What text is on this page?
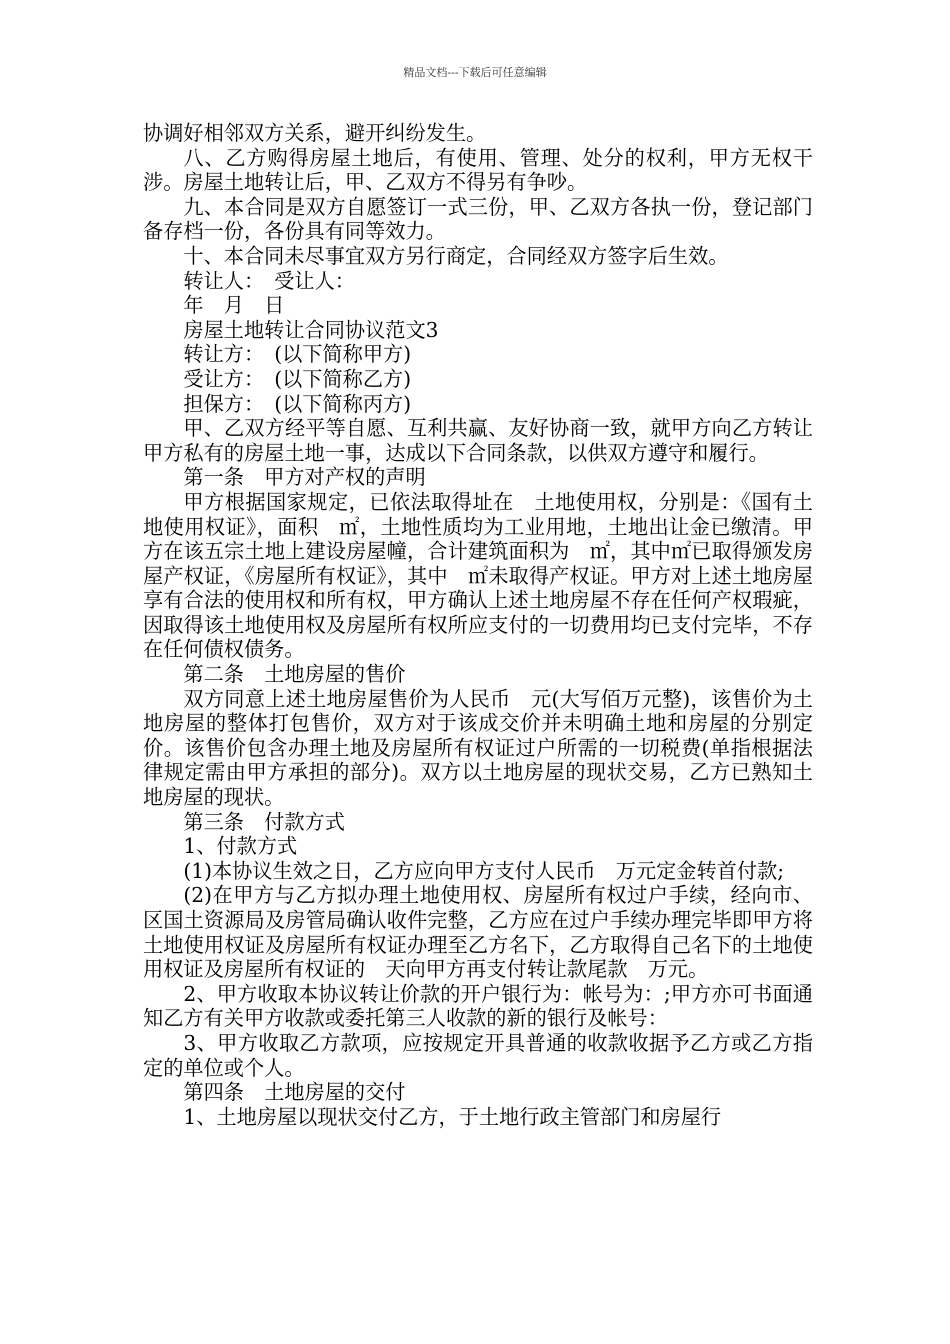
精品文档---下载后可任意编辑

协调好相邻双方关系，避开纠纷发生。

八、乙方购得房屋土地后，有使用、管理、处分的权利，甲方无权干涉。房屋土地转让后，甲、乙双方不得另有争吵。

九、本合同是双方自愿签订一式三份，甲、乙双方各执一份，登记部门备存档一份，各份具有同等效力。

十、本合同未尽事宜双方另行商定，合同经双方签字后生效。

转让人：　受让人：

年　月　日

房屋土地转让合同协议范文3

转让方：　(以下简称甲方)

受让方：　(以下简称乙方)

担保方：　(以下简称丙方)

甲、乙双方经平等自愿、互利共赢、友好协商一致，就甲方向乙方转让甲方私有的房屋土地一事，达成以下合同条款，以供双方遵守和履行。

第一条　甲方对产权的声明

甲方根据国家规定，已依法取得址在　土地使用权，分别是：《国有土地使用权证》，面积　㎡，土地性质均为工业用地，土地出让金已缴清。甲方在该五宗土地上建设房屋幢，合计建筑面积为　㎡，其中㎡已取得颁发房屋产权证，《房屋所有权证》，其中　㎡未取得产权证。甲方对上述土地房屋享有合法的使用权和所有权，甲方确认上述土地房屋不存在任何产权瑕疵，因取得该土地使用权及房屋所有权所应支付的一切费用均已支付完毕，不存在任何债权债务。

第二条　土地房屋的售价

双方同意上述土地房屋售价为人民币　元(大写佰万元整)，该售价为土地房屋的整体打包售价，双方对于该成交价并未明确土地和房屋的分别定价。该售价包含办理土地及房屋所有权证过户所需的一切税费(单指根据法律规定需由甲方承担的部分)。双方以土地房屋的现状交易，乙方已熟知土地房屋的现状。

第三条　付款方式

1、付款方式

(1)本协议生效之日，乙方应向甲方支付人民币　万元定金转首付款;

(2)在甲方与乙方拟办理土地使用权、房屋所有权过户手续，经向市、区国土资源局及房管局确认收件完整，乙方应在过户手续办理完毕即甲方将土地使用权证及房屋所有权证办理至乙方名下，乙方取得自己名下的土地使用权证及房屋所有权证的　天向甲方再支付转让款尾款　万元。

2、甲方收取本协议转让价款的开户银行为：帐号为：;甲方亦可书面通知乙方有关甲方收款或委托第三人收款的新的银行及帐号：

3、甲方收取乙方款项，应按规定开具普通的收款收据予乙方或乙方指定的单位或个人。

第四条　土地房屋的交付

1、土地房屋以现状交付乙方，于土地行政主管部门和房屋行
